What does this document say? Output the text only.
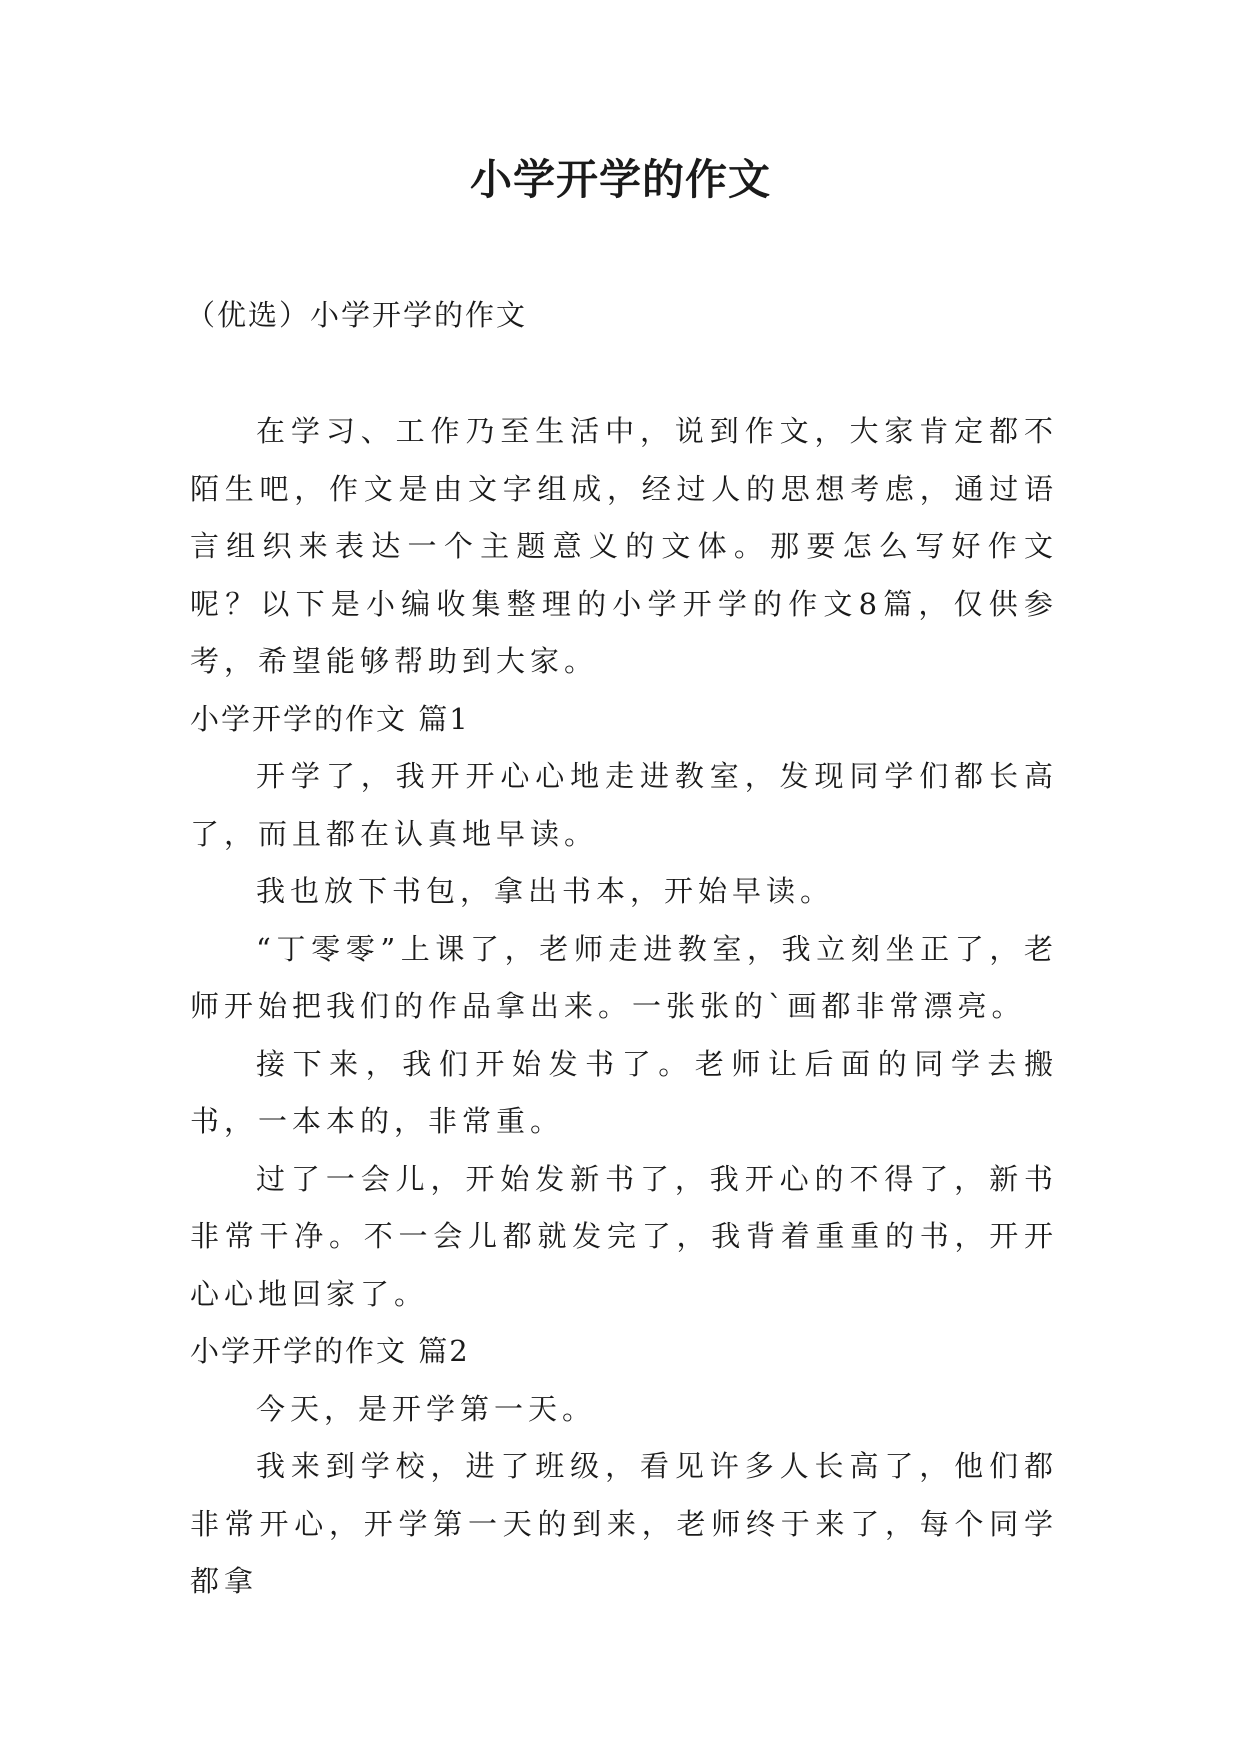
小学开学的作文
（优选）小学开学的作文

在学习、工作乃至生活中，说到作文，大家肯定都不陌生吧，作文是由文字组成，经过人的思想考虑，通过语言组织来表达一个主题意义的文体。那要怎么写好作文呢？以下是小编收集整理的小学开学的作文8篇，仅供参考，希望能够帮助到大家。

小学开学的作文 篇1

开学了，我开开心心地走进教室，发现同学们都长高了，而且都在认真地早读。

我也放下书包，拿出书本，开始早读。

“丁零零”上课了，老师走进教室，我立刻坐正了，老师开始把我们的作品拿出来。一张张的`画都非常漂亮。

接下来，我们开始发书了。老师让后面的同学去搬书，一本本的，非常重。

过了一会儿，开始发新书了，我开心的不得了，新书非常干净。不一会儿都就发完了，我背着重重的书，开开心心地回家了。

小学开学的作文 篇2

今天，是开学第一天。

我来到学校，进了班级，看见许多人长高了，他们都非常开心，开学第一天的到来，老师终于来了，每个同学都拿
